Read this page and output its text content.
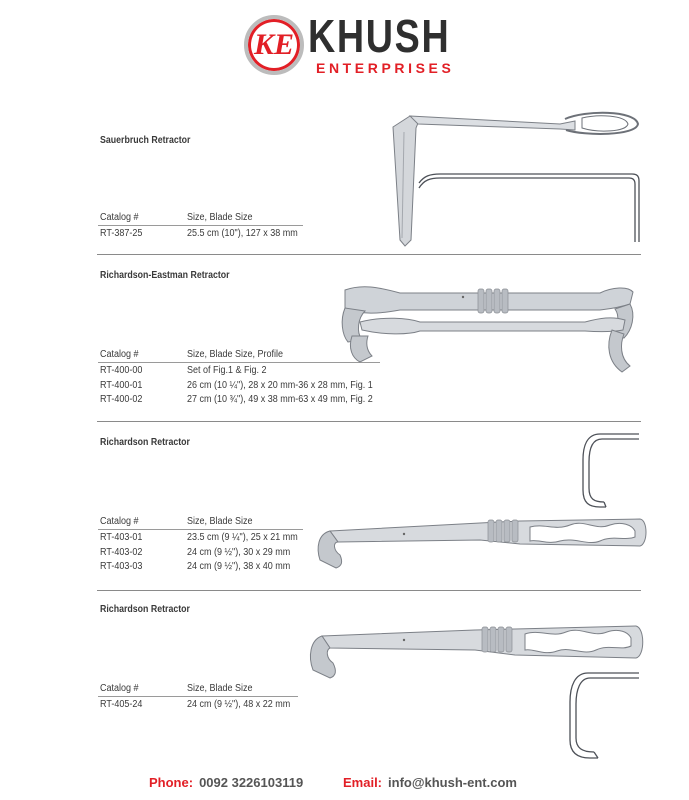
KE KHUSH
ENTERPRISES
Sauerbruch Retractor
Catalog #	Size, Blade Size
RT-387-25	25.5 cm (10"), 127 x 38 mm
Richardson-Eastman Retractor
Catalog #	Size, Blade Size, Profile
RT-400-00	Set of Fig.1 & Fig. 2
RT-400-01	26 cm (10 ¼"), 28 x 20 mm-36 x 28 mm, Fig. 1
RT-400-02	27 cm (10 ¾"), 49 x 38 mm-63 x 49 mm, Fig. 2
Richardson Retractor
Catalog #	Size, Blade Size
RT-403-01	23.5 cm (9 ¼"), 25 x 21 mm
RT-403-02	24 cm (9 ½"), 30 x 29 mm
RT-403-03	24 cm (9 ½"), 38 x 40 mm
Richardson Retractor
Catalog #	Size, Blade Size
RT-405-24	24 cm (9 ½"), 48 x 22 mm
Phone: 0092 3226103119	Email: info@khush-ent.com
